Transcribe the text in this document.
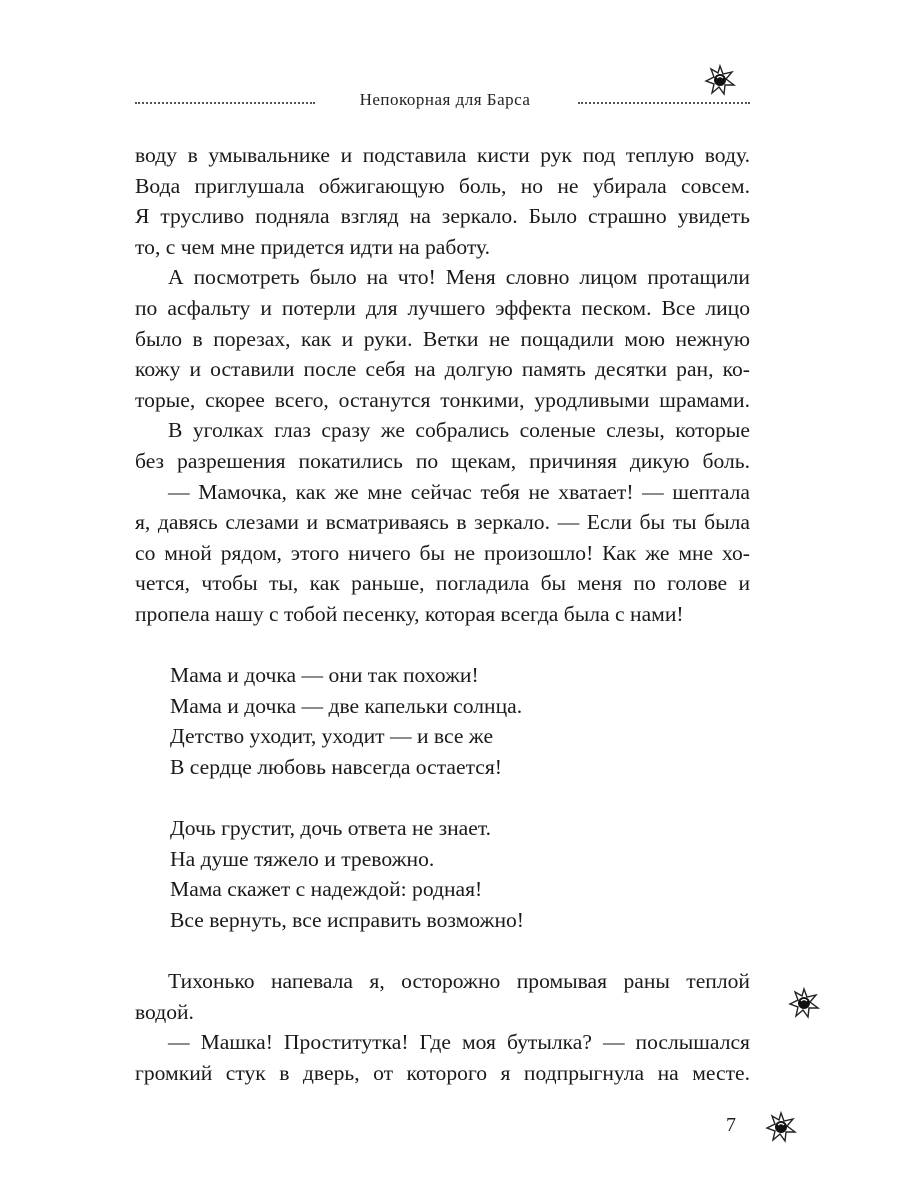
Непокорная для Барса
воду в умывальнике и подставила кисти рук под теплую воду.
Вода приглушала обжигающую боль, но не убирала совсем.
Я трусливо подняла взгляд на зеркало. Было страшно увидеть
то, с чем мне придется идти на работу.
А посмотреть было на что! Меня словно лицом протащили
по асфальту и потерли для лучшего эффекта песком. Все лицо
было в порезах, как и руки. Ветки не пощадили мою нежную
кожу и оставили после себя на долгую память десятки ран, ко-
торые, скорее всего, останутся тонкими, уродливыми шрамами.
В уголках глаз сразу же собрались соленые слезы, которые
без разрешения покатились по щекам, причиняя дикую боль.
— Мамочка, как же мне сейчас тебя не хватает! — шептала
я, давясь слезами и всматриваясь в зеркало. — Если бы ты была
со мной рядом, этого ничего бы не произошло! Как же мне хо-
чется, чтобы ты, как раньше, погладила бы меня по голове и
пропела нашу с тобой песенку, которая всегда была с нами!
Мама и дочка — они так похожи!
Мама и дочка — две капельки солнца.
Детство уходит, уходит — и все же
В сердце любовь навсегда остается!
Дочь грустит, дочь ответа не знает.
На душе тяжело и тревожно.
Мама скажет с надеждой: родная!
Все вернуть, все исправить возможно!
Тихонько напевала я, осторожно промывая раны теплой
водой.
— Машка! Проститутка! Где моя бутылка? — послышался
громкий стук в дверь, от которого я подпрыгнула на месте.
7
